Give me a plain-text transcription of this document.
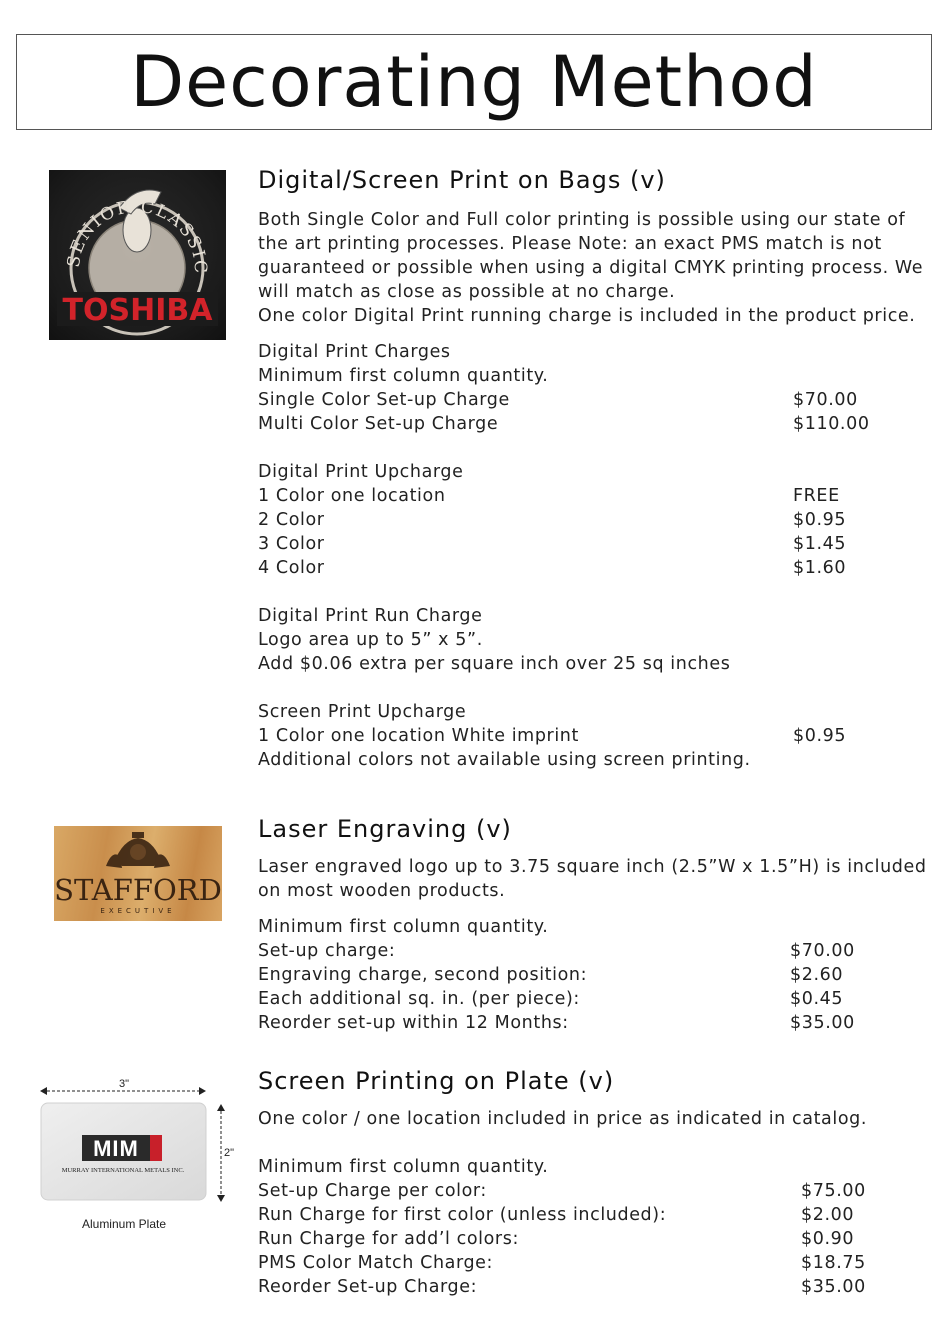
Decorating Method
SENIOR CLASSIC
TOSHIBA
Digital/Screen Print on Bags (v)
Both Single Color and Full color printing is possible using our state of
the art printing processes. Please Note: an exact PMS match is not
guaranteed or possible when using a digital CMYK printing process. We
will match as close as possible at no charge.
One color Digital Print running charge is included in the product price.
Digital Print Charges
Minimum first column quantity.
Single Color Set-up Charge	$70.00
Multi Color Set-up Charge	$110.00
Digital Print Upcharge
1 Color one location	FREE
2 Color	$0.95
3 Color	$1.45
4 Color	$1.60
Digital Print Run Charge
Logo area up to 5” x 5”.
Add $0.06 extra per square inch over 25 sq inches
Screen Print Upcharge
1 Color one location White imprint	$0.95
Additional colors not available using screen printing.
STAFFORD
EXECUTIVE
Laser Engraving (v)
Laser engraved logo up to 3.75 square inch (2.5”W x 1.5”H) is included
on most wooden products.
Minimum first column quantity.
Set-up charge:	$70.00
Engraving charge, second position:	$2.60
Each additional sq. in. (per piece):	$0.45
Reorder set-up within 12 Months:	$35.00
3"
2"
MIM
MURRAY INTERNATIONAL METALS INC.
Aluminum Plate
Screen Printing on Plate (v)
One color / one location included in price as indicated in catalog.
Minimum first column quantity.
Set-up Charge per color:	$75.00
Run Charge for first color (unless included):	$2.00
Run Charge for add’l colors:	$0.90
PMS Color Match Charge:	$18.75
Reorder Set-up Charge:	$35.00
